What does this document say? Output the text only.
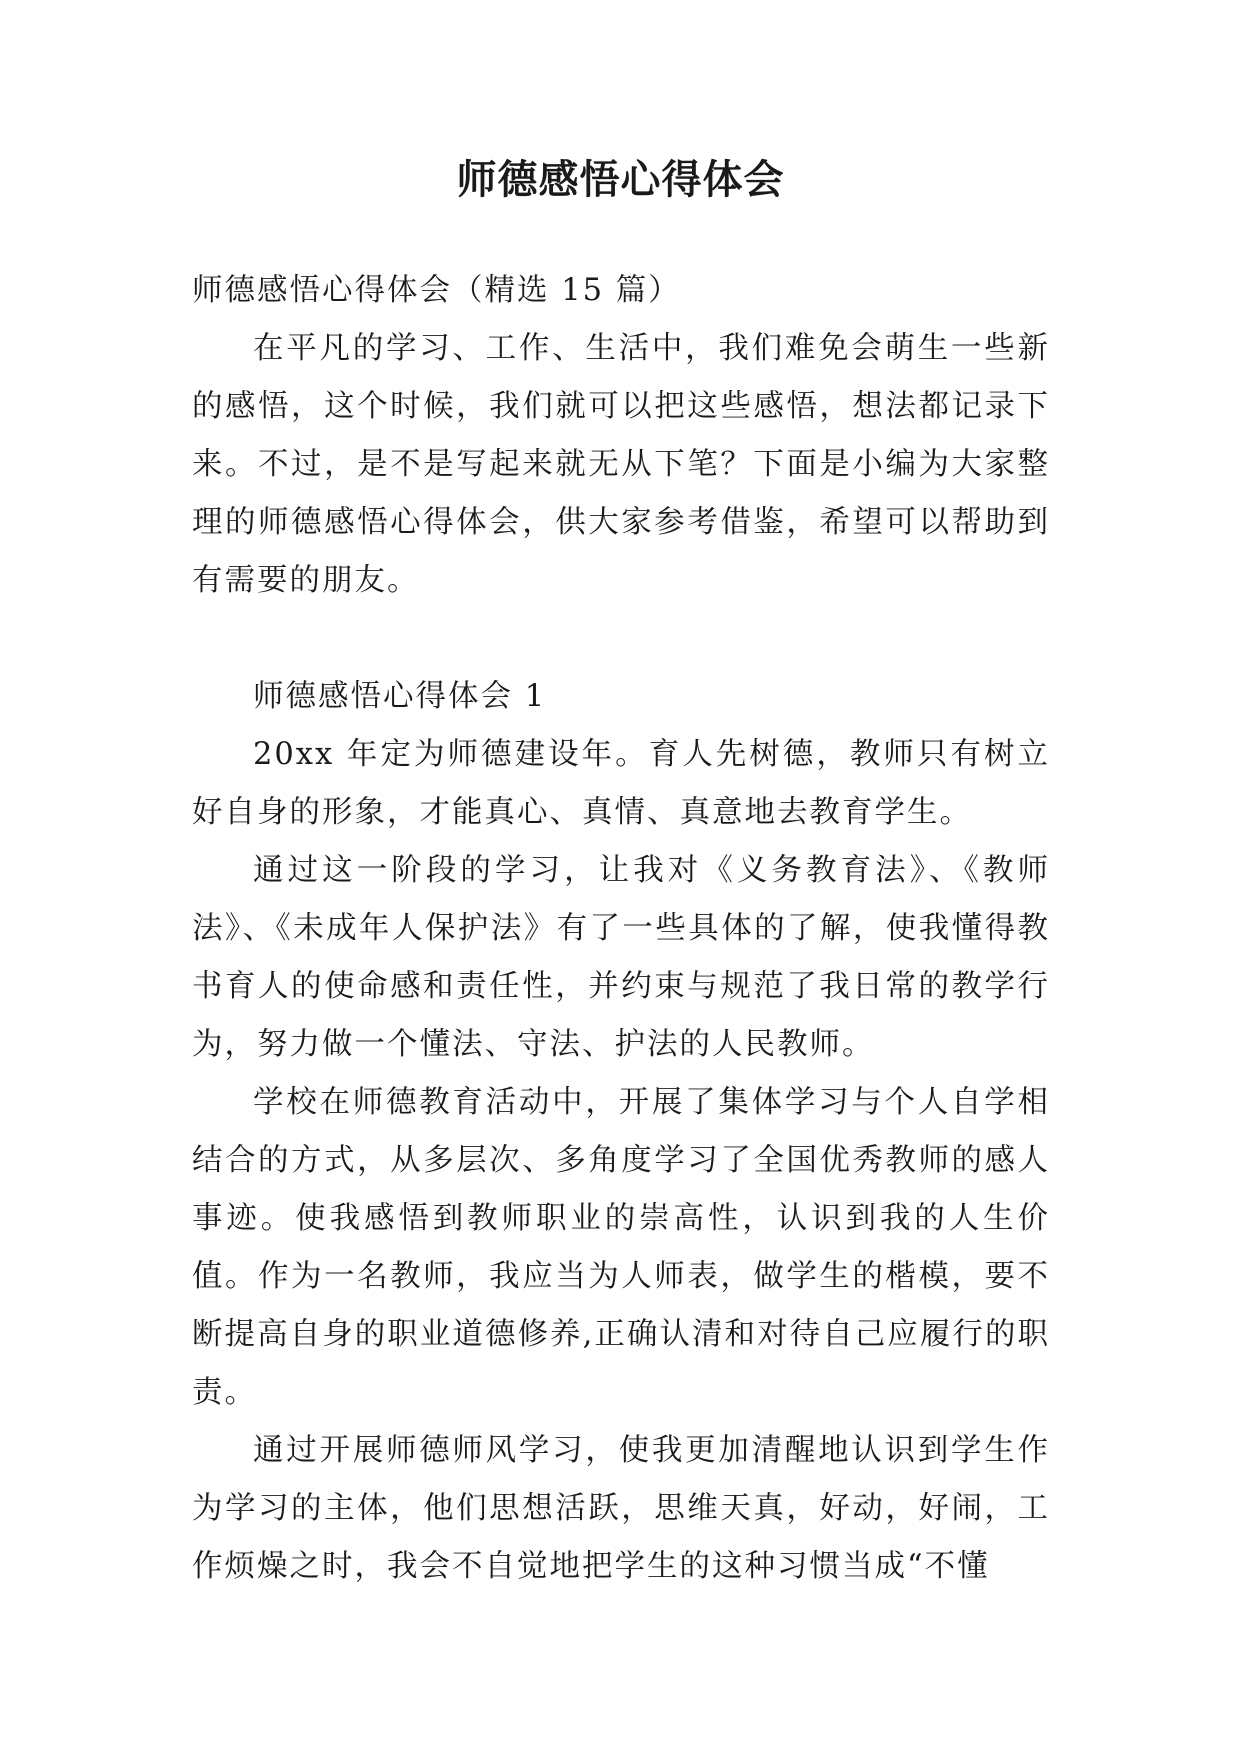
师德感悟心得体会

师德感悟心得体会（精选 15 篇）

在平凡的学习、工作、生活中，我们难免会萌生一些新的感悟，这个时候，我们就可以把这些感悟，想法都记录下来。不过，是不是写起来就无从下笔？下面是小编为大家整理的师德感悟心得体会，供大家参考借鉴，希望可以帮助到有需要的朋友。

师德感悟心得体会 1

20xx 年定为师德建设年。育人先树德，教师只有树立好自身的形象，才能真心、真情、真意地去教育学生。

通过这一阶段的学习，让我对《义务教育法》、《教师法》、《未成年人保护法》有了一些具体的了解，使我懂得教书育人的使命感和责任性，并约束与规范了我日常的教学行为，努力做一个懂法、守法、护法的人民教师。

学校在师德教育活动中，开展了集体学习与个人自学相结合的方式，从多层次、多角度学习了全国优秀教师的感人事迹。使我感悟到教师职业的崇高性，认识到我的人生价值。作为一名教师，我应当为人师表，做学生的楷模，要不断提高自身的职业道德修养,正确认清和对待自己应履行的职责。

通过开展师德师风学习，使我更加清醒地认识到学生作为学习的主体，他们思想活跃，思维天真，好动，好闹，工作烦燥之时，我会不自觉地把学生的这种习惯当成“不懂
